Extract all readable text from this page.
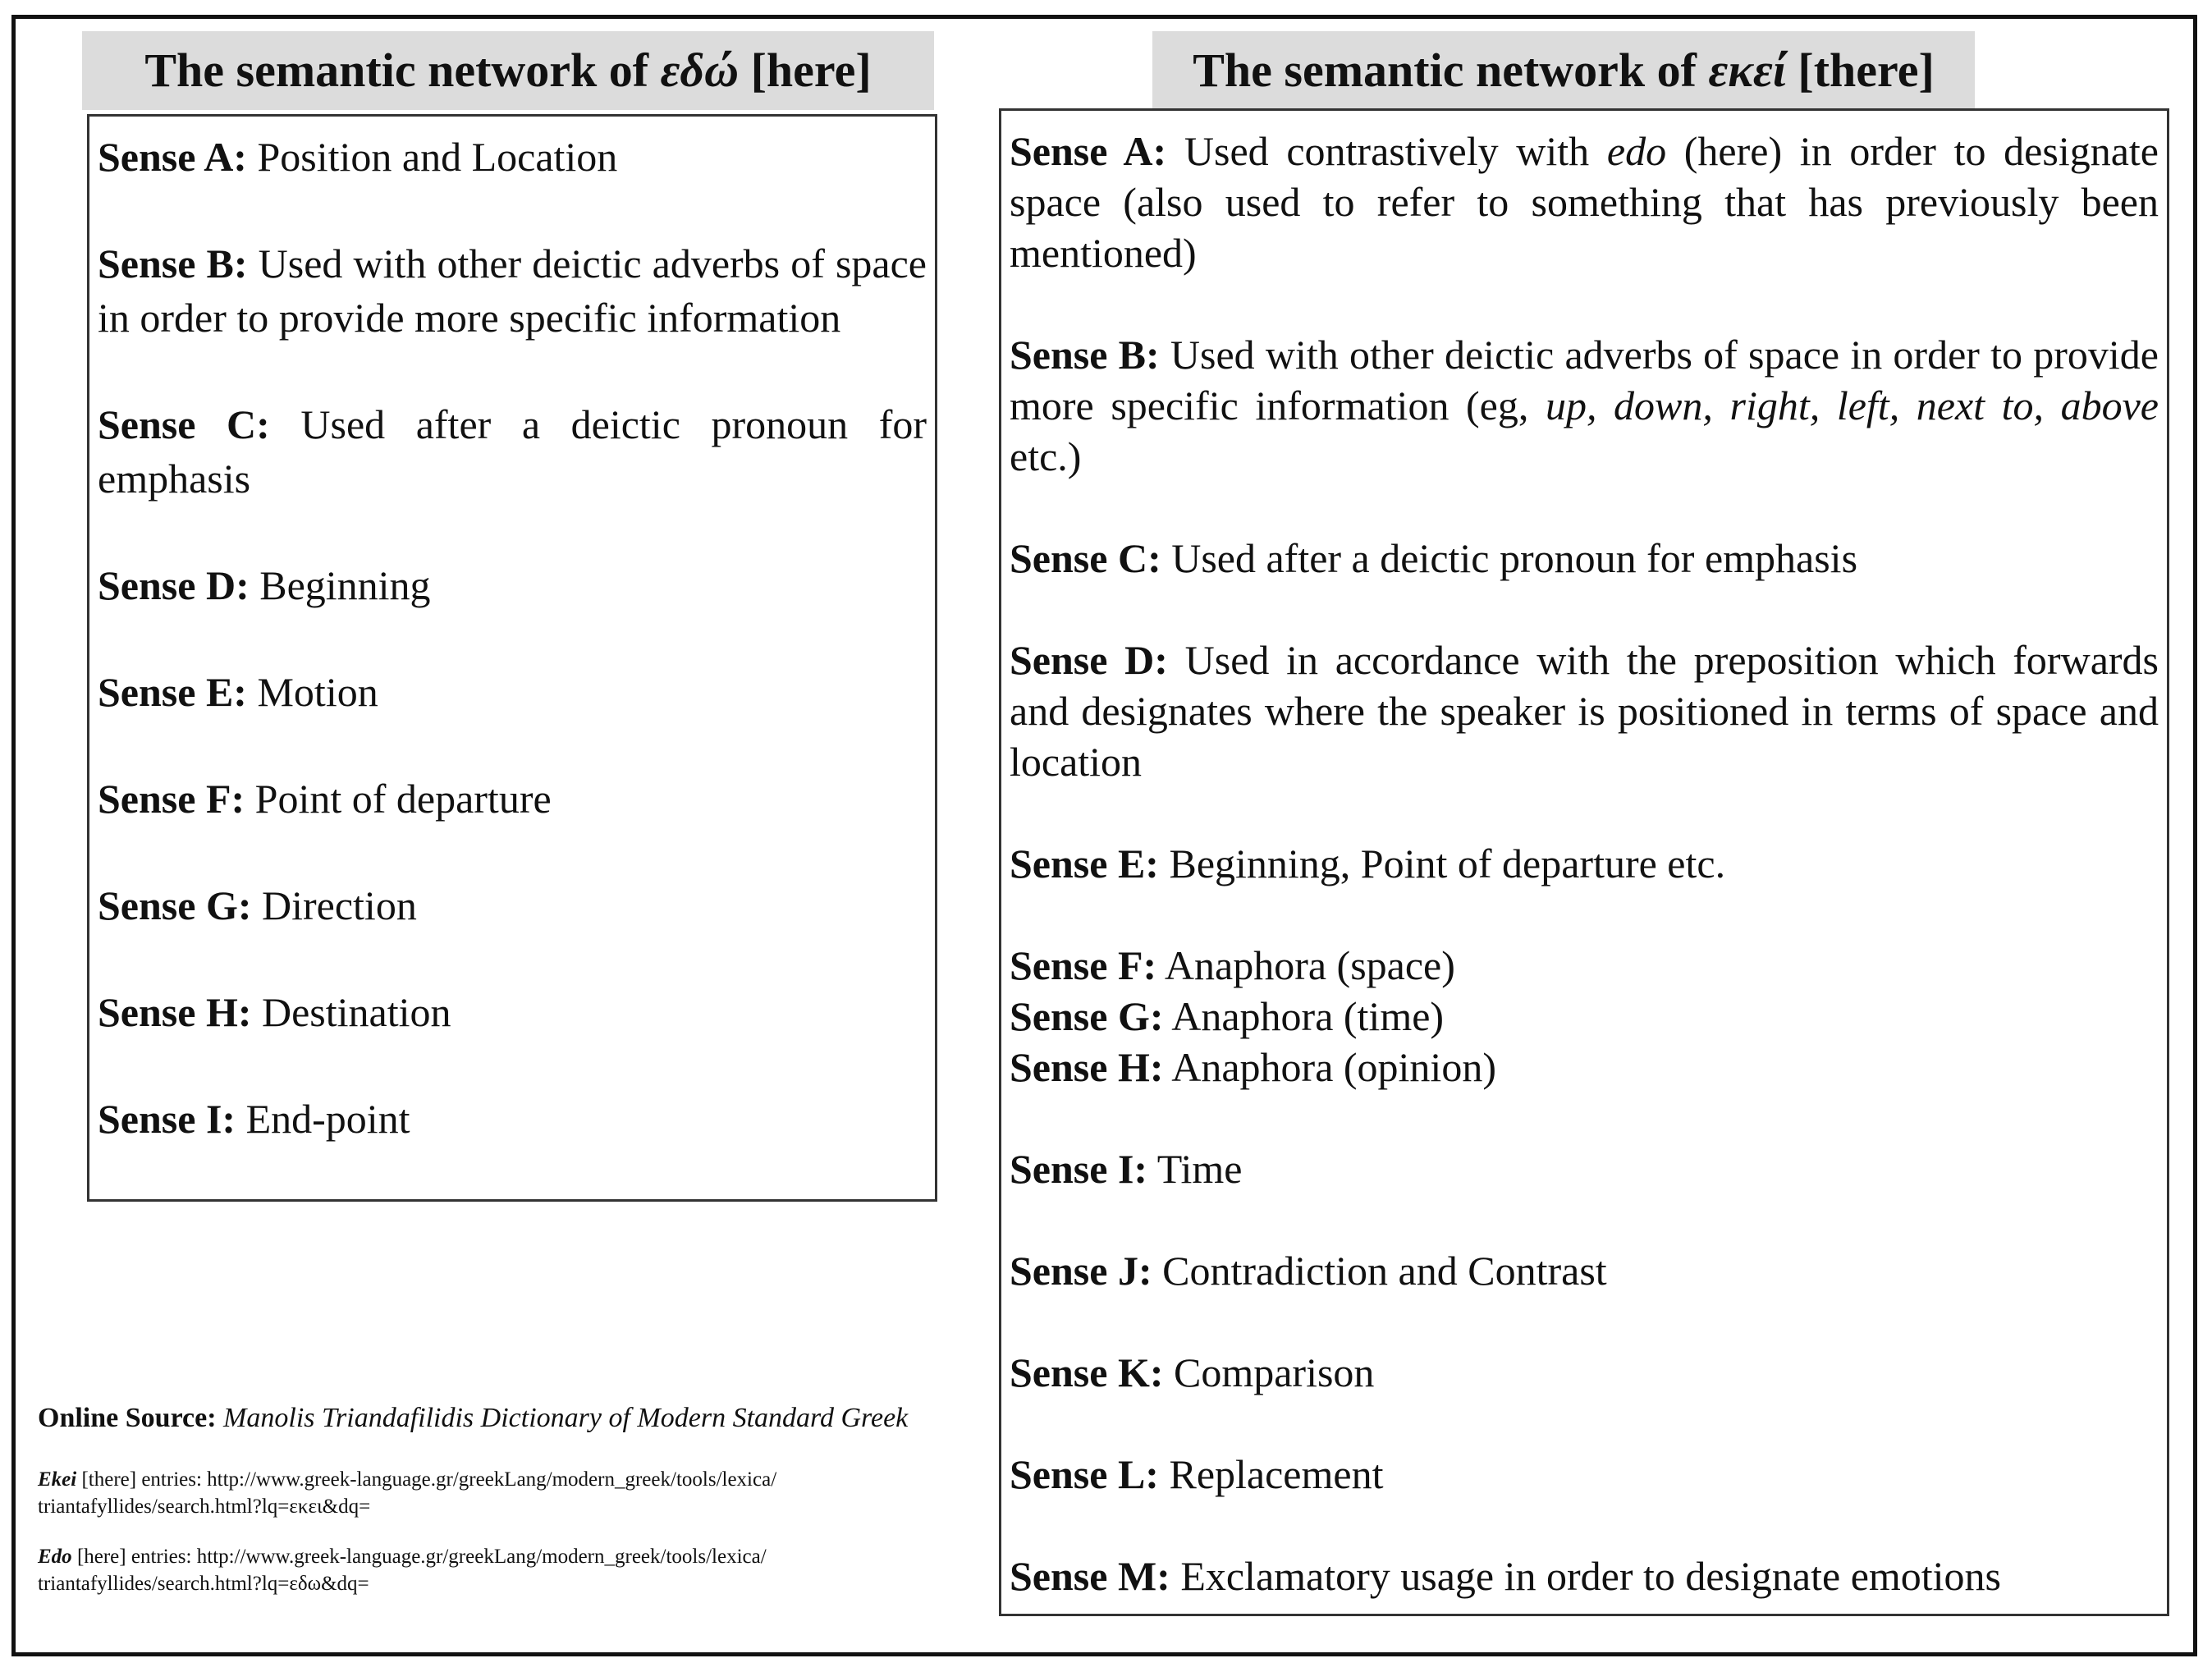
The semantic network of εδώ [here]	The semantic network of εκεί [there]
Sense A: Position and Location
Sense B: Used with other deictic adverbs of space in order to provide more specific information
Sense C: Used after a deictic pronoun for emphasis
Sense D: Beginning
Sense E: Motion
Sense F: Point of departure
Sense G: Direction
Sense H: Destination
Sense I: End-point
Sense A: Used contrastively with edo (here) in order to designate space (also used to refer to something that has previously been mentioned)
Sense B: Used with other deictic adverbs of space in order to provide more specific information (eg, up, down, right, left, next to, above etc.)
Sense C: Used after a deictic pronoun for emphasis
Sense D: Used in accordance with the preposition which forwards and designates where the speaker is positioned in terms of space and location
Sense E: Beginning, Point of departure etc.
Sense F: Anaphora (space)
Sense G: Anaphora (time)
Sense H: Anaphora (opinion)
Sense I: Time
Sense J: Contradiction and Contrast
Sense K: Comparison
Sense L: Replacement
Sense M: Exclamatory usage in order to designate emotions
Online Source: Manolis Triandafilidis Dictionary of Modern Standard Greek
Ekei [there] entries: http://www.greek-language.gr/greekLang/modern_greek/tools/lexica/
triantafyllides/search.html?lq=εκει&dq=
Edo [here] entries: http://www.greek-language.gr/greekLang/modern_greek/tools/lexica/
triantafyllides/search.html?lq=εδω&dq=
